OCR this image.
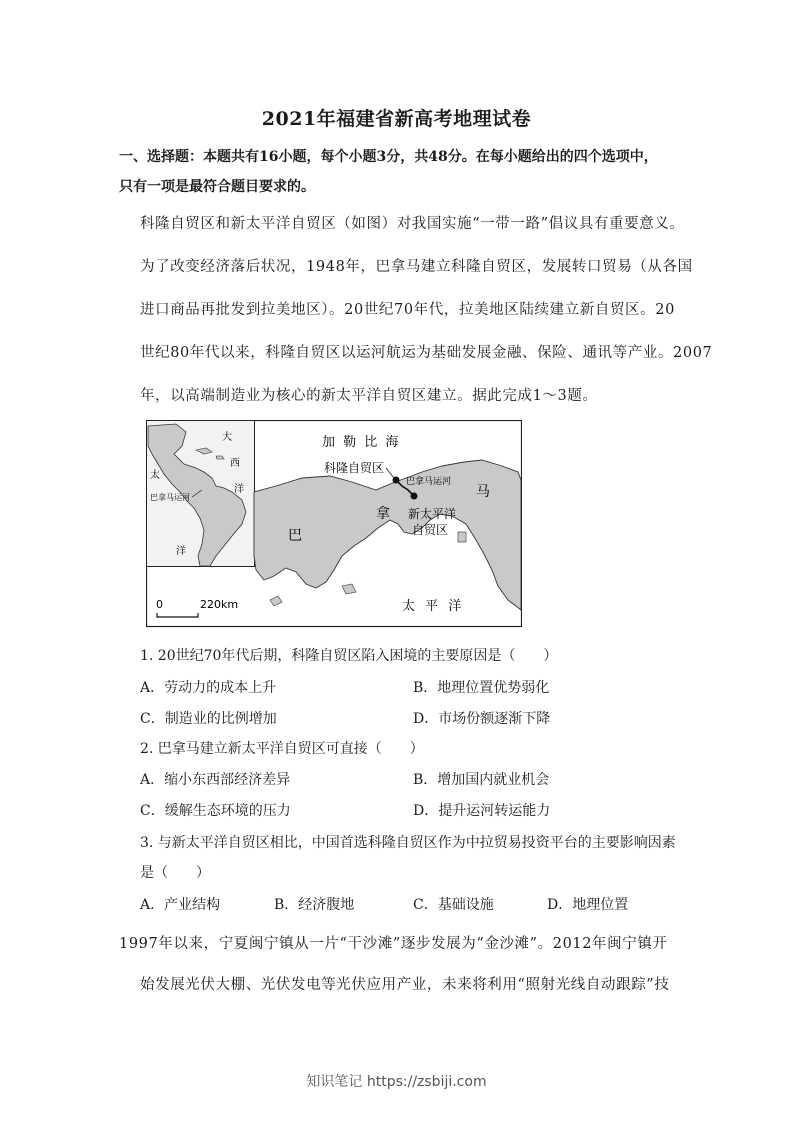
2021年福建省新高考地理试卷
一、选择题：本题共有16小题，每个小题3分，共48分。在每小题给出的四个选项中，
只有一项是最符合题目要求的。
科隆自贸区和新太平洋自贸区（如图）对我国实施“一带一路”倡议具有重要意义。
为了改变经济落后状况，1948年，巴拿马建立科隆自贸区，发展转口贸易（从各国
进口商品再批发到拉美地区）。20世纪70年代，拉美地区陆续建立新自贸区。20
世纪80年代以来，科隆自贸区以运河航运为基础发展金融、保险、通讯等产业。2007
年，以高端制造业为核心的新太平洋自贸区建立。据此完成1～3题。
大
西
洋
太
洋
巴拿马运河
加 勒 比 海
科隆自贸区
巴拿马运河
新太平洋
自贸区
巴
拿
马
太 平 洋
0	220km
1. 20世纪70年代后期，科隆自贸区陷入困境的主要原因是（　　）
A．劳动力的成本上升	B．地理位置优势弱化
C．制造业的比例增加	D．市场份额逐渐下降
2. 巴拿马建立新太平洋自贸区可直接（　　）
A．缩小东西部经济差异	B．增加国内就业机会
C．缓解生态环境的压力	D．提升运河转运能力
3. 与新太平洋自贸区相比，中国首选科隆自贸区作为中拉贸易投资平台的主要影响因素
是（　　）
A．产业结构	B．经济腹地	C．基础设施	D．地理位置
1997年以来，宁夏闽宁镇从一片“干沙滩”逐步发展为“金沙滩”。2012年闽宁镇开
始发展光伏大棚、光伏发电等光伏应用产业，未来将利用“照射光线自动跟踪”技
知识笔记 https://zsbiji.com
